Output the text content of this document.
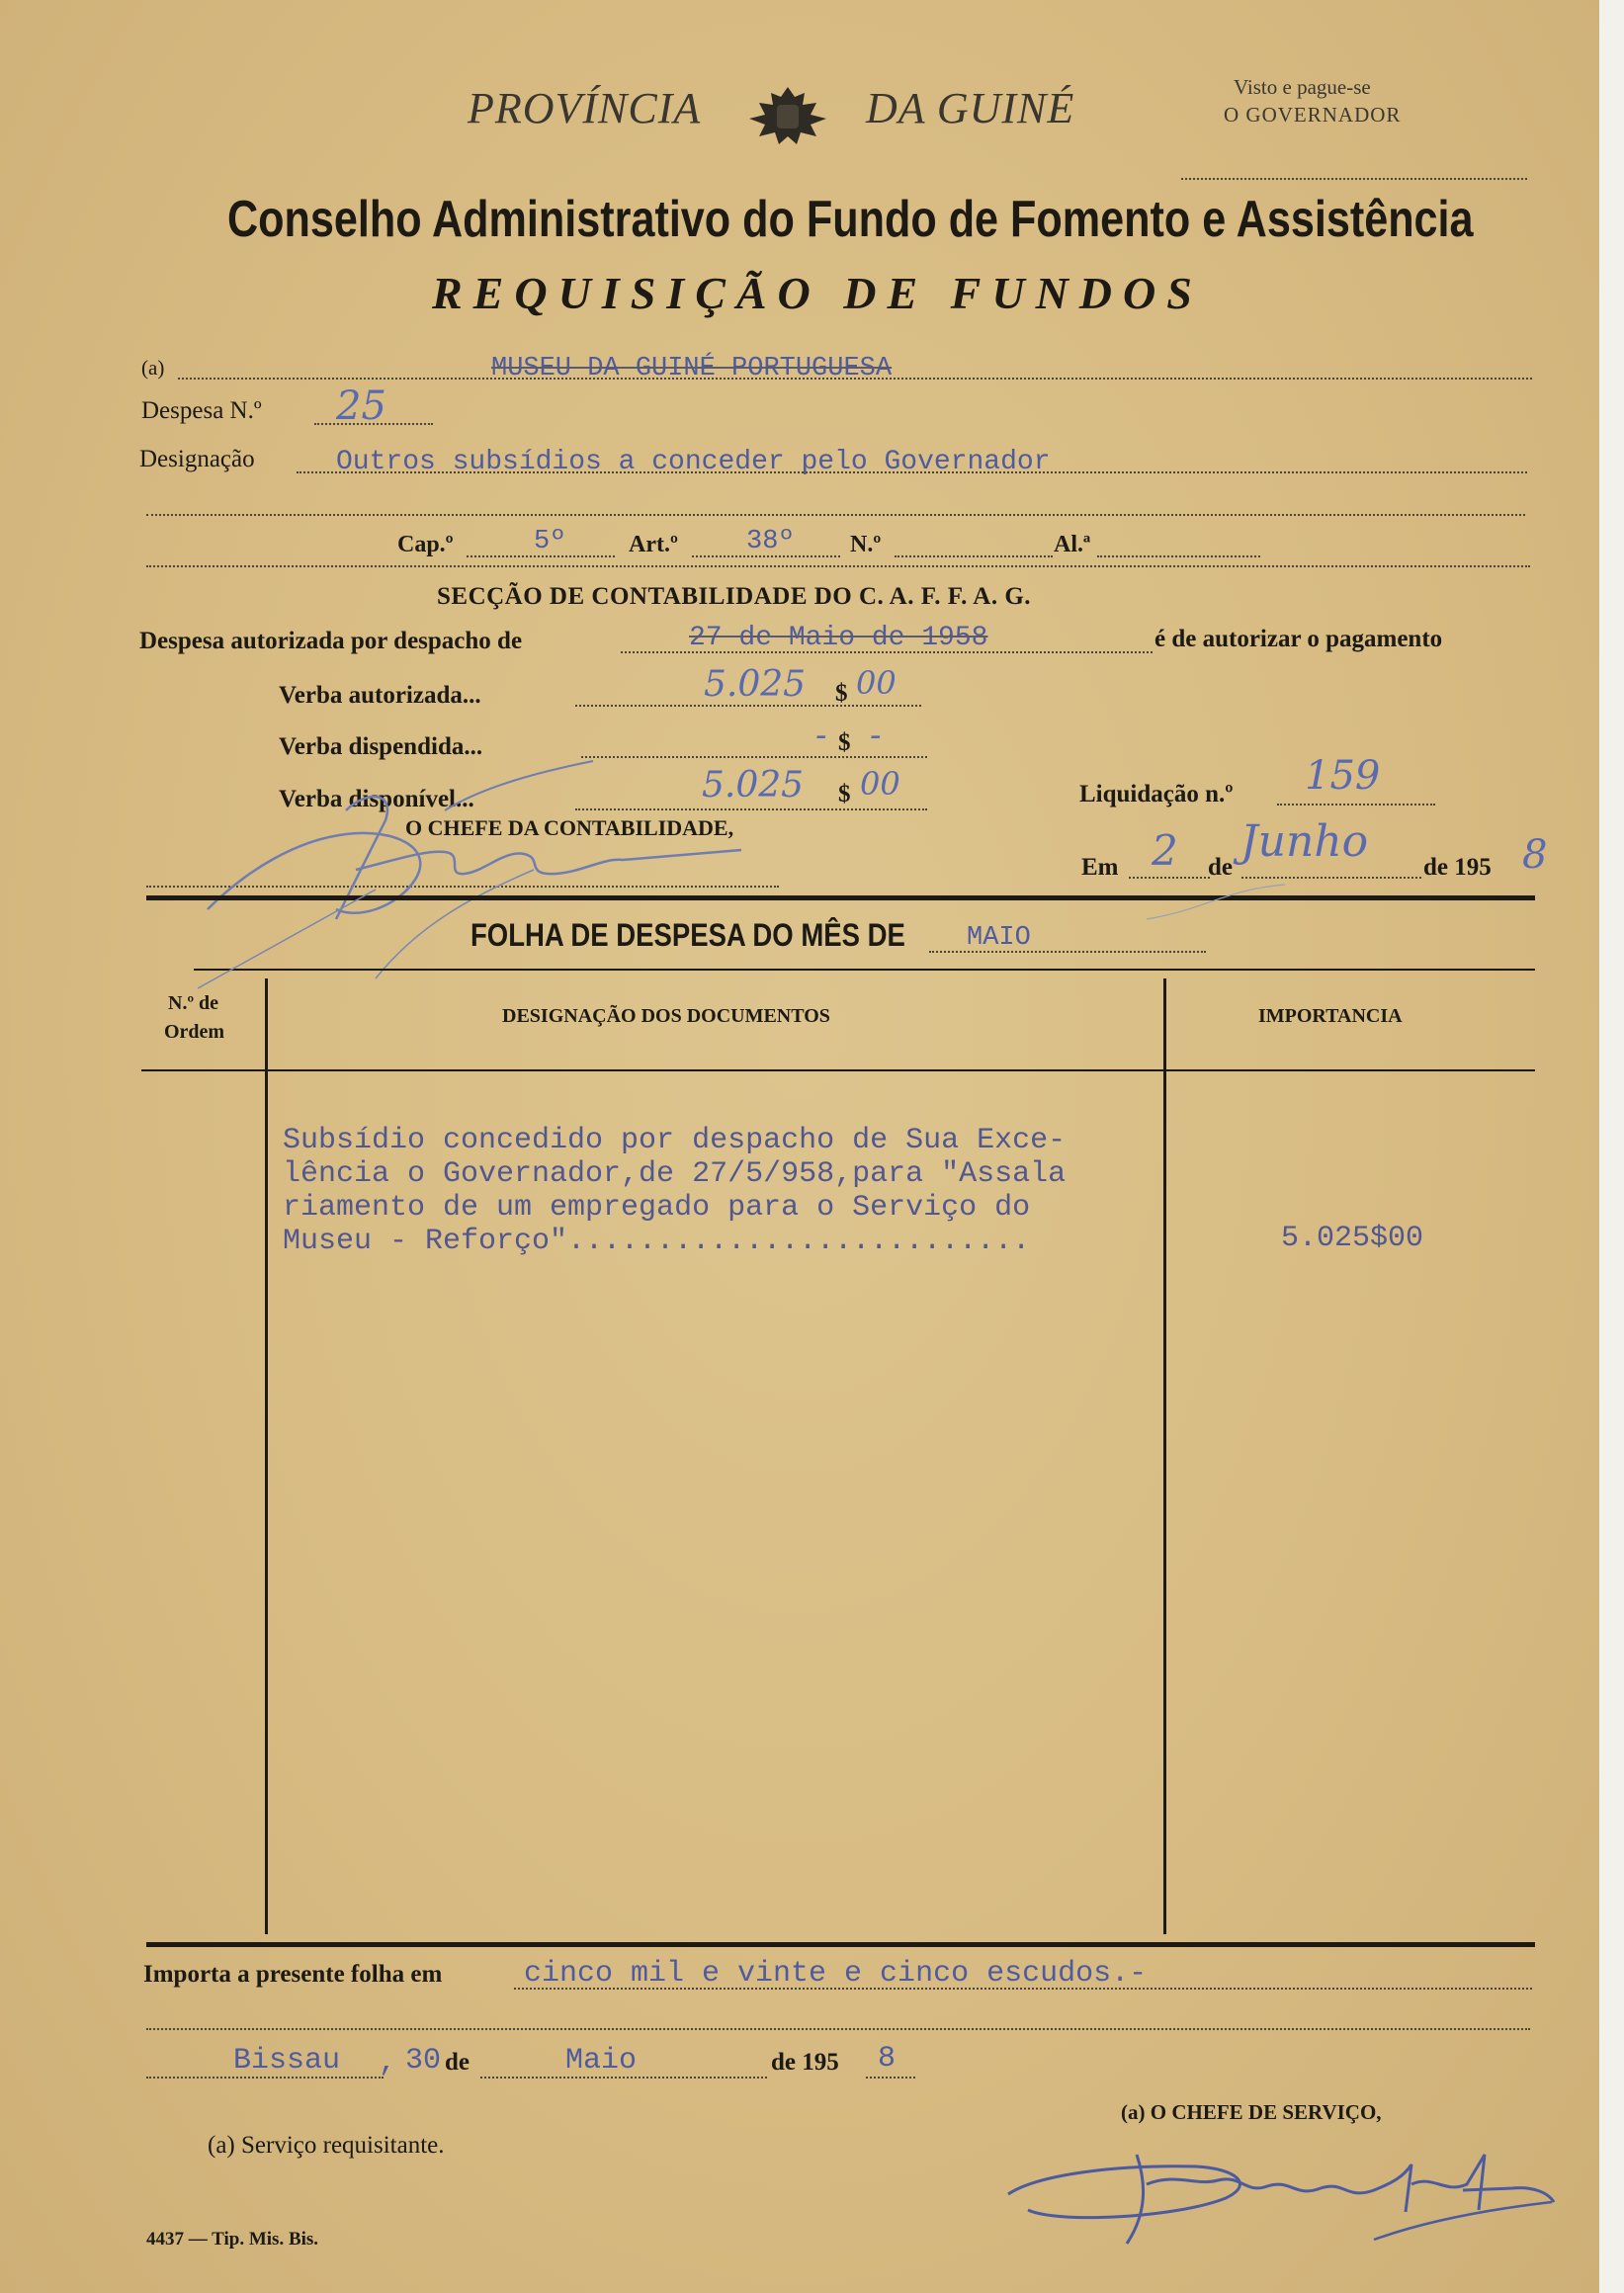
PROVÍNCIA	DA GUINÉ	Visto e pague-se
O GOVERNADOR
Conselho Administrativo do Fundo de Fomento e Assistência
REQUISIÇÃO DE FUNDOS
(a)	MUSEU DA GUINÉ PORTUGUESA
Despesa N.º 25
Designação	Outros subsídios a conceder pelo Governador
Cap.º	5º	Art.º	38º N.º	Al.ª
SECÇÃO DE CONTABILIDADE DO C. A. F. F. A. G.
Despesa autorizada por despacho de	27 de Maio de 1958	é de autorizar o pagamento
Verba autorizada...	5.025 $ 00
Verba dispendida...	- $ -
Verba disponível...	5.025 $ 00	Liquidação n.º 159
O CHEFE DA CONTABILIDADE,
Em 2 de
Junho
de 195 8
FOLHA DE DESPESA DO MÊS DE MAIO
N.º de
Ordem
DESIGNAÇÃO DOS DOCUMENTOS	IMPORTANCIA
Subsídio concedido por despacho de Sua Exce-
lência o Governador,de 27/5/958,para "Assala
riamento de um empregado para o Serviço do
Museu - Reforço"..........................	5.025$00
Importa a presente folha em	cinco mil e vinte e cinco escudos.-
Bissau , 30 de	Maio	de 195 8
(a) O CHEFE DE SERVIÇO,
(a) Serviço requisitante.
4437 — Tip. Mis. Bis.
